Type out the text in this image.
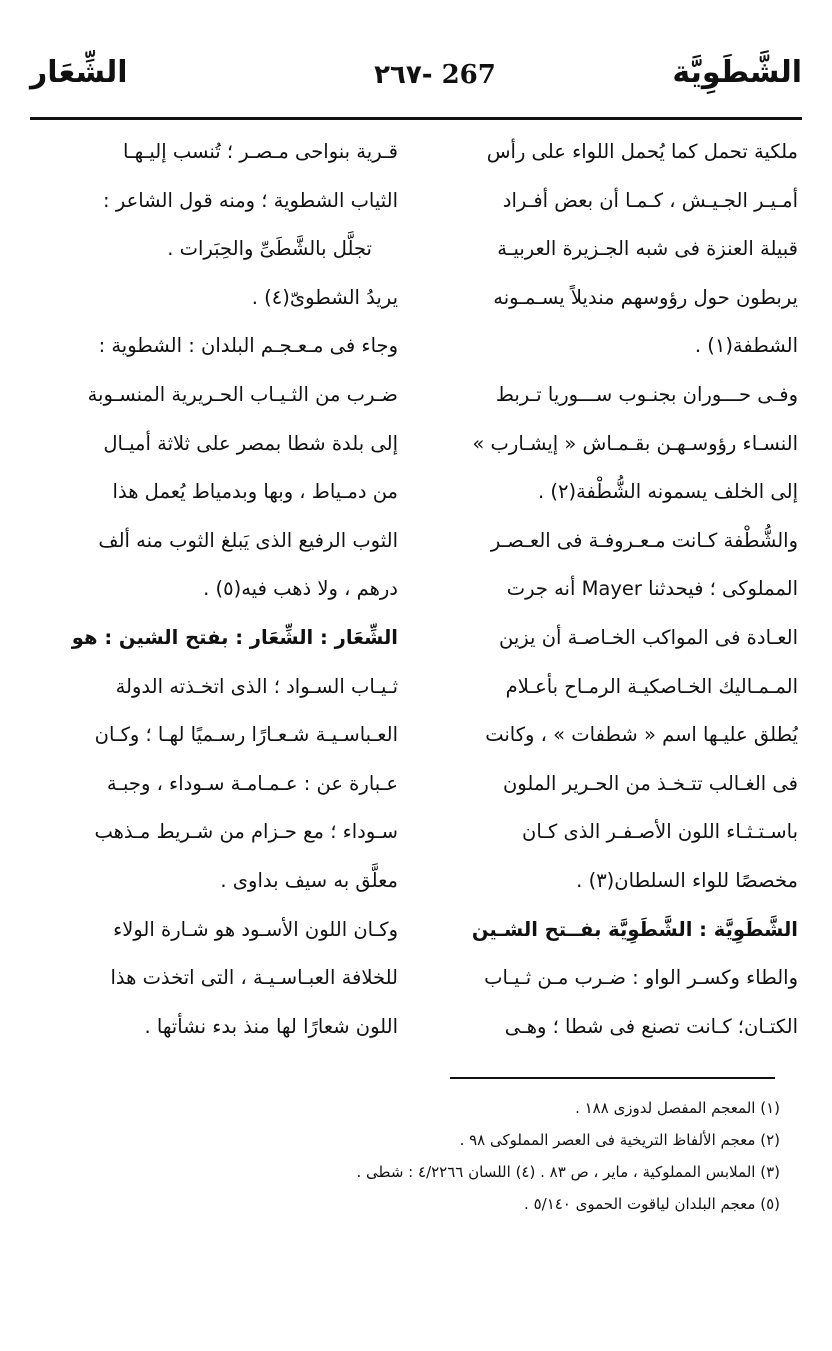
الشَّطَوِيَّة
267 -٢٦٧
الشِّعَار
ملكية تحمل كما يُحمل اللواء على رأس
أمـيـر الجـيـش ، كـمـا أن بعض أفـراد
قبيلة العنزة فى شبه الجـزيرة العربيـة
يربطون حول رؤوسهم منديلاً يسـمـونه
الشطفة(١) .
وفـى حـــوران بجنـوب ســـوريا تـربط
النسـاء رؤوسـهـن بقـمـاش « إيشـارب »
إلى الخلف يسمونه الشُّطْفة(٢) .
والشُّطْفة كـانت مـعـروفـة فى العـصـر
المملوكى ؛ فيحدثنا Mayer أنه جرت
العـادة فى المواكب الخـاصـة أن يزين
المـمـاليك الخـاصكيـة الرمـاح بأعـلام
يُطلق عليـها اسم « شطفات » ، وكانت
فى الغـالب تتـخـذ من الحـرير الملون
باسـتـثـاء اللون الأصـفـر الذى كـان
مخصصًا للواء السلطان(٣) .
الشَّطَوِيَّة : الشَّطَوِيَّة بفــتح الشـين
والطاء وكسـر الواو : ضـرب مـن ثـيـاب
الكتـان؛ كـانت تصنع فى شطا ؛ وهـى
قـرية بنواحى مـصـر ؛ تُنسب إليـهـا
الثياب الشطوية ؛ ومنه قول الشاعر :
تجلَّل بالشَّطَىِّ والحِبَرات .
يريدُ الشطوىّ(٤) .
وجاء فى مـعـجـم البلدان : الشطوية :
ضـرب من الثـيـاب الحـريرية المنسـوبة
إلى بلدة شطا بمصر على ثلاثة أميـال
من دمـياط ، وبها وبدمياط يُعمل هذا
الثوب الرفيع الذى يَبلغ الثوب منه ألف
درهم ، ولا ذهب فيه(٥) .
الشِّعَار : الشِّعَار : بفتح الشين : هو
ثـيـاب السـواد ؛ الذى اتخـذته الدولة
العـباسـيـة شـعـارًا رسـميًا لهـا ؛ وكـان
عـبارة عن : عـمـامـة سـوداء ، وجبـة
سـوداء ؛ مع حـزام من شـريط مـذهب
معلَّق به سيف بداوى .
وكـان اللون الأسـود هو شـارة الولاء
للخلافة العبـاسـيـة ، التى اتخذت هذا
اللون شعارًا لها منذ بدء نشأتها .
(١) المعجم المفصل لدوزى ١٨٨ .
(٢) معجم الألفاظ التريخية فى العصر المملوكى ٩٨ .
(٣) الملابس المملوكية ، ماير ، ص ٨٣ . (٤) اللسان ٤/٢٢٦٦ : شطى .
(٥) معجم البلدان لياقوت الحموى ٥/١٤٠ .
